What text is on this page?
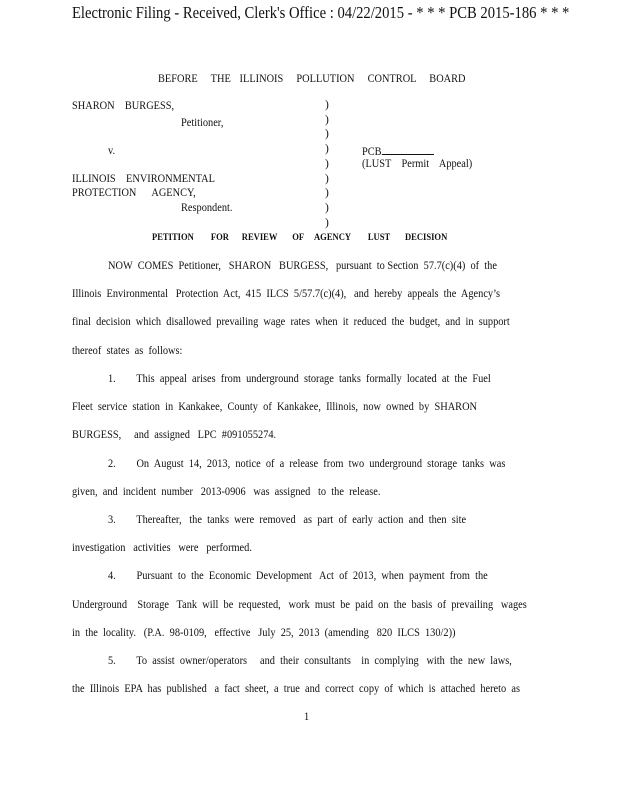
Electronic Filing - Received, Clerk's Office : 04/22/2015 - * * * PCB 2015-186 * * *
BEFORE   THE  ILLINOIS   POLLUTION   CONTROL   BOARD
SHARON    BURGESS,
Petitioner,
v.
ILLINOIS    ENVIRONMENTAL
PROTECTION      AGENCY,
Respondent.
)
)
)
)
)
)
)
)
)
PCB
(LUST    Permit    Appeal)
PETITION        FOR      REVIEW       OF     AGENCY        LUST       DECISION
NOW  COMES  Petitioner,   SHARON   BURGESS,   pursuant  to Section  57.7(c)(4)  of  the
Illinois  Environmental   Protection  Act,  415  ILCS  5/57.7(c)(4),   and  hereby  appeals  the  Agency’s
final  decision  which  disallowed  prevailing  wage  rates  when  it  reduced  the  budget,  and  in  support
thereof  states  as  follows:
1.        This  appeal  arises  from  underground  storage  tanks  formally  located  at  the  Fuel
Fleet  service  station  in  Kankakee,  County  of  Kankakee,  Illinois,  now  owned  by  SHARON
BURGESS,     and  assigned   LPC  #091055274.
2.        On  August  14,  2013,  notice  of  a  release  from  two  underground  storage  tanks  was
given,  and  incident  number   2013-0906   was  assigned   to  the  release.
3.        Thereafter,   the  tanks  were  removed   as  part  of  early  action  and  then  site
investigation   activities   were   performed.
4.        Pursuant  to  the  Economic  Development   Act  of  2013,  when  payment  from  the
Underground    Storage   Tank  will  be  requested,   work  must  be  paid  on  the  basis  of  prevailing   wages
in  the  locality.   (P.A.  98-0109,   effective   July  25,  2013  (amending   820  ILCS  130/2))
5.        To  assist  owner/operators     and  their  consultants    in  complying   with  the  new  laws,
the  Illinois  EPA  has  published   a  fact  sheet,  a  true  and  correct  copy  of  which  is  attached  hereto  as
1
